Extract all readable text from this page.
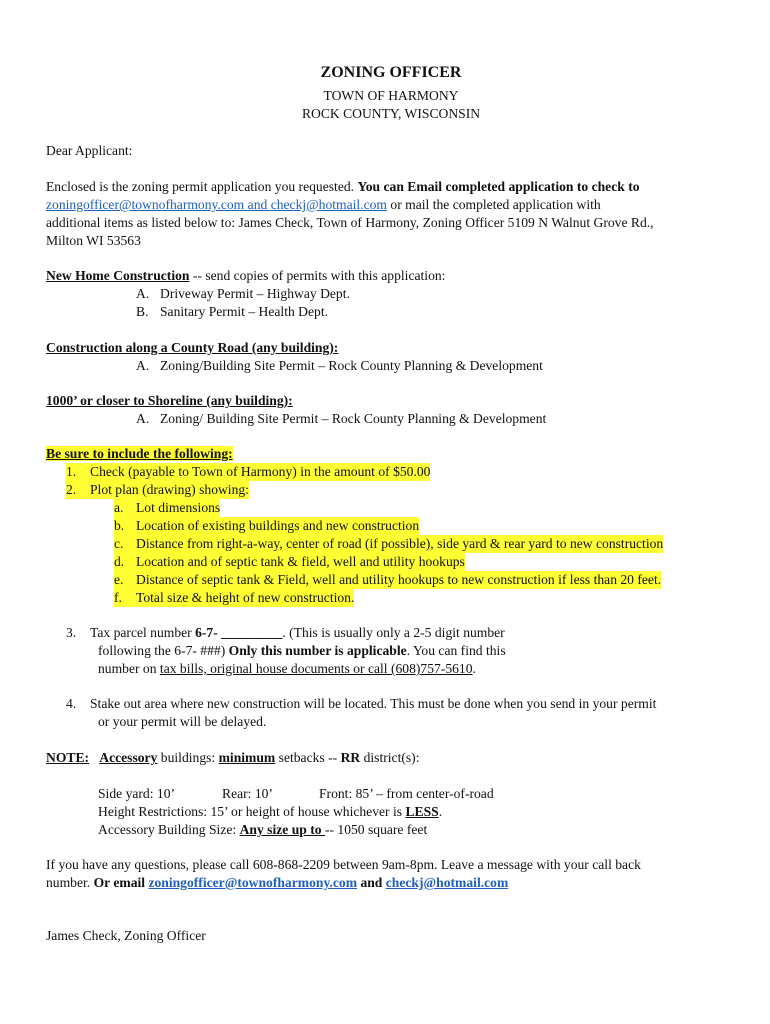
ZONING OFFICER
TOWN OF HARMONY
ROCK COUNTY, WISCONSIN
Dear Applicant:
Enclosed is the zoning permit application you requested. You can Email completed application to check to
zoningofficer@townofharmony.com and checkj@hotmail.com or mail the completed application with
additional items as listed below to: James Check, Town of Harmony, Zoning Officer 5109 N Walnut Grove Rd.,
Milton WI 53563
New Home Construction -- send copies of permits with this application:
A. Driveway Permit – Highway Dept.
B. Sanitary Permit – Health Dept.
Construction along a County Road (any building):
A. Zoning/Building Site Permit – Rock County Planning & Development
1000’ or closer to Shoreline (any building):
A. Zoning/ Building Site Permit – Rock County Planning & Development
Be sure to include the following:
1.	Check (payable to Town of Harmony) in the amount of $50.00
2.	Plot plan (drawing) showing:
a. Lot dimensions
b. Location of existing buildings and new construction
c. Distance from right-a-way, center of road (if possible), side yard & rear yard to new construction
d. Location and of septic tank & field, well and utility hookups
e. Distance of septic tank & Field, well and utility hookups to new construction if less than 20 feet.
f.	Total size & height of new construction.
3.	Tax parcel number 6-7- _________. (This is usually only a 2-5 digit number
following the 6-7- ###) Only this number is applicable. You can find this
number on tax bills, original house documents or call (608)757-5610.
4.	Stake out area where new construction will be located. This must be done when you send in your permit
or your permit will be delayed.
NOTE: Accessory buildings: minimum setbacks -- RR district(s):
Side yard: 10’	Rear: 10’	Front: 85’ – from center-of-road
Height Restrictions: 15’ or height of house whichever is LESS.
Accessory Building Size: Any size up to -- 1050 square feet
If you have any questions, please call 608-868-2209 between 9am-8pm. Leave a message with your call back
number. Or email zoningofficer@townofharmony.com and checkj@hotmail.com
James Check, Zoning Officer
